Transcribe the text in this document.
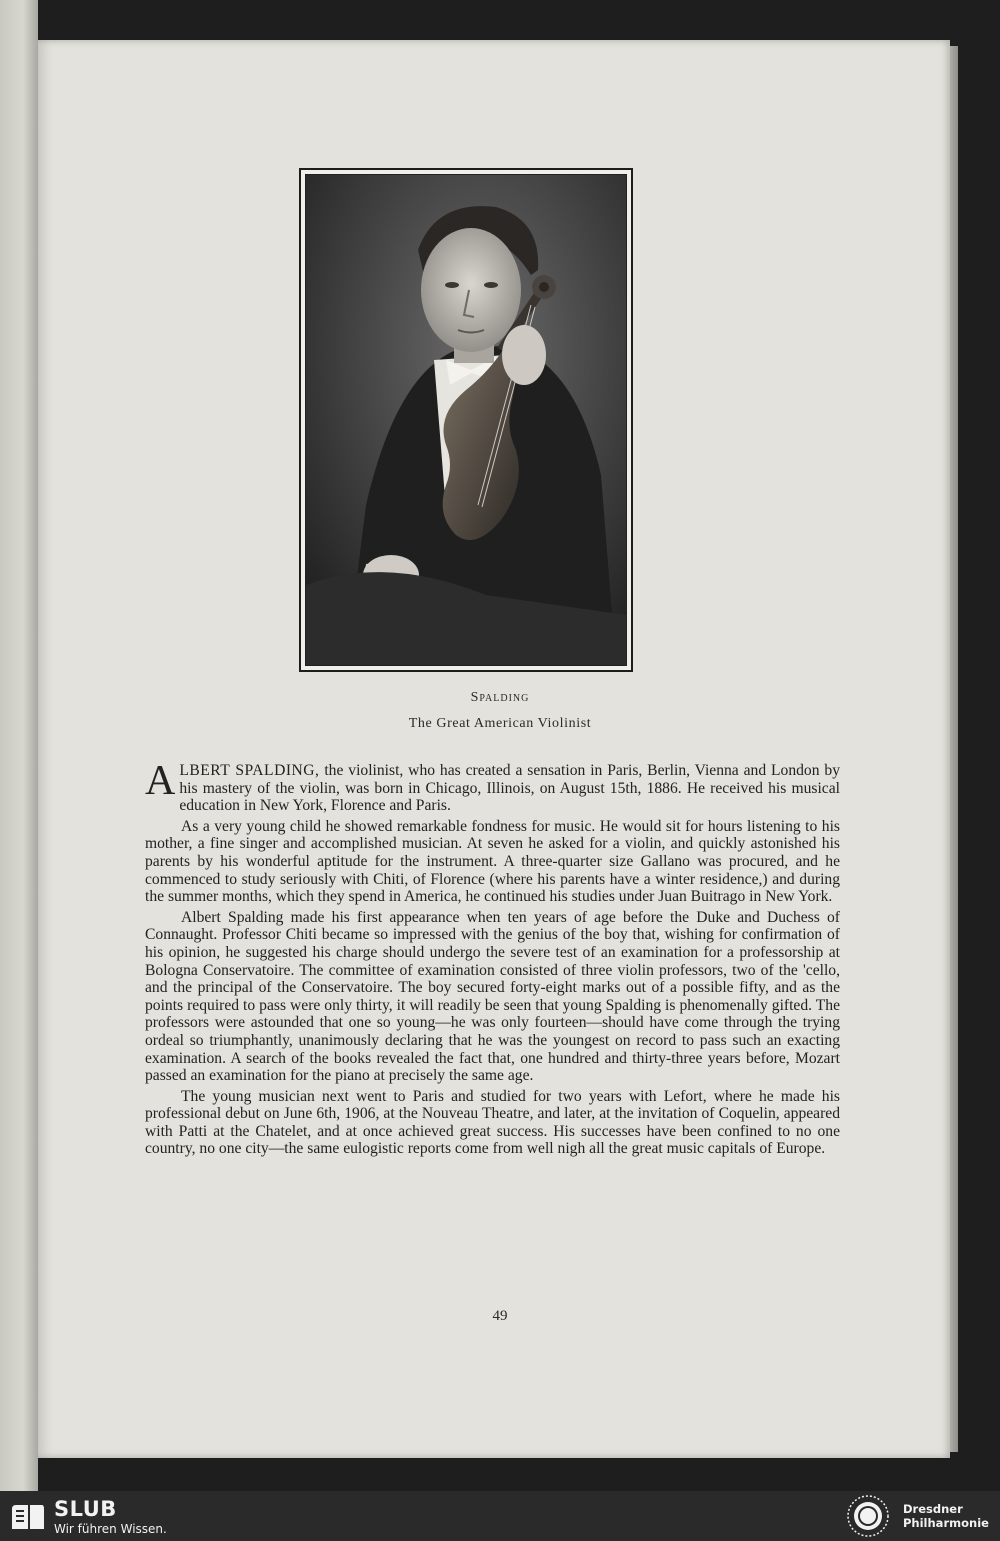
Spalding
The Great American Violinist

ALBERT SPALDING, the violinist, who has created a sensation in Paris, Berlin, Vienna and London by his mastery of the violin, was born in Chicago, Illinois, on August 15th, 1886. He received his musical education in New York, Florence and Paris.

As a very young child he showed remarkable fondness for music. He would sit for hours listening to his mother, a fine singer and accomplished musician. At seven he asked for a violin, and quickly astonished his parents by his wonderful aptitude for the instrument. A three-quarter size Gallano was procured, and he commenced to study seriously with Chiti, of Florence (where his parents have a winter residence,) and during the summer months, which they spend in America, he continued his studies under Juan Buitrago in New York.

Albert Spalding made his first appearance when ten years of age before the Duke and Duchess of Connaught. Professor Chiti became so impressed with the genius of the boy that, wishing for confirmation of his opinion, he suggested his charge should undergo the severe test of an examination for a professorship at Bologna Conservatoire. The committee of examination consisted of three violin professors, two of the 'cello, and the principal of the Conservatoire. The boy secured forty-eight marks out of a possible fifty, and as the points required to pass were only thirty, it will readily be seen that young Spalding is phenomenally gifted. The professors were astounded that one so young—he was only fourteen—should have come through the trying ordeal so triumphantly, unanimously declaring that he was the youngest on record to pass such an exacting examination. A search of the books revealed the fact that, one hundred and thirty-three years before, Mozart passed an examination for the piano at precisely the same age.

The young musician next went to Paris and studied for two years with Lefort, where he made his professional debut on June 6th, 1906, at the Nouveau Theatre, and later, at the invitation of Coquelin, appeared with Patti at the Chatelet, and at once achieved great success. His successes have been confined to no one country, no one city—the same eulogistic reports come from well nigh all the great music capitals of Europe.

49
SLUB
Wir führen Wissen.
Dresdner
Philharmonie
